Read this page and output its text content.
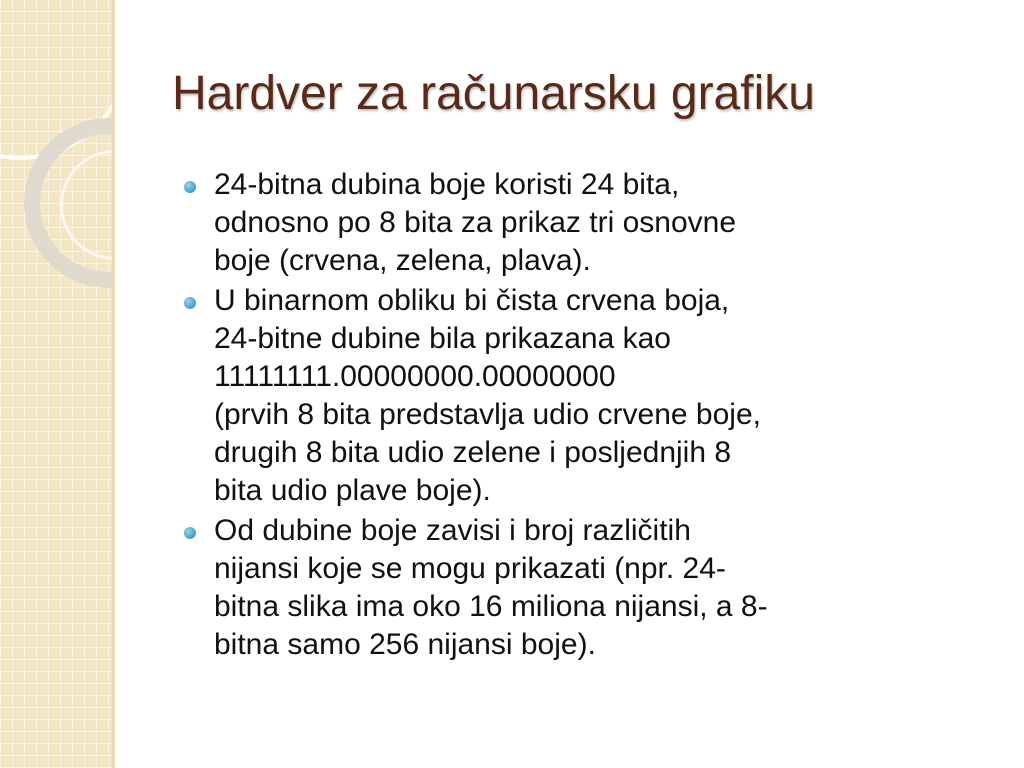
Hardver za računarsku grafiku
24-bitna dubina boje koristi 24 bita,
odnosno po 8 bita za prikaz tri osnovne
boje (crvena, zelena, plava).
U binarnom obliku bi čista crvena boja,
24-bitne dubine bila prikazana kao
11111111.00000000.00000000
(prvih 8 bita predstavlja udio crvene boje,
drugih 8 bita udio zelene i posljednjih 8
bita udio plave boje).
Od dubine boje zavisi i broj različitih
nijansi koje se mogu prikazati (npr. 24-
bitna slika ima oko 16 miliona nijansi, a 8-
bitna samo 256 nijansi boje).
